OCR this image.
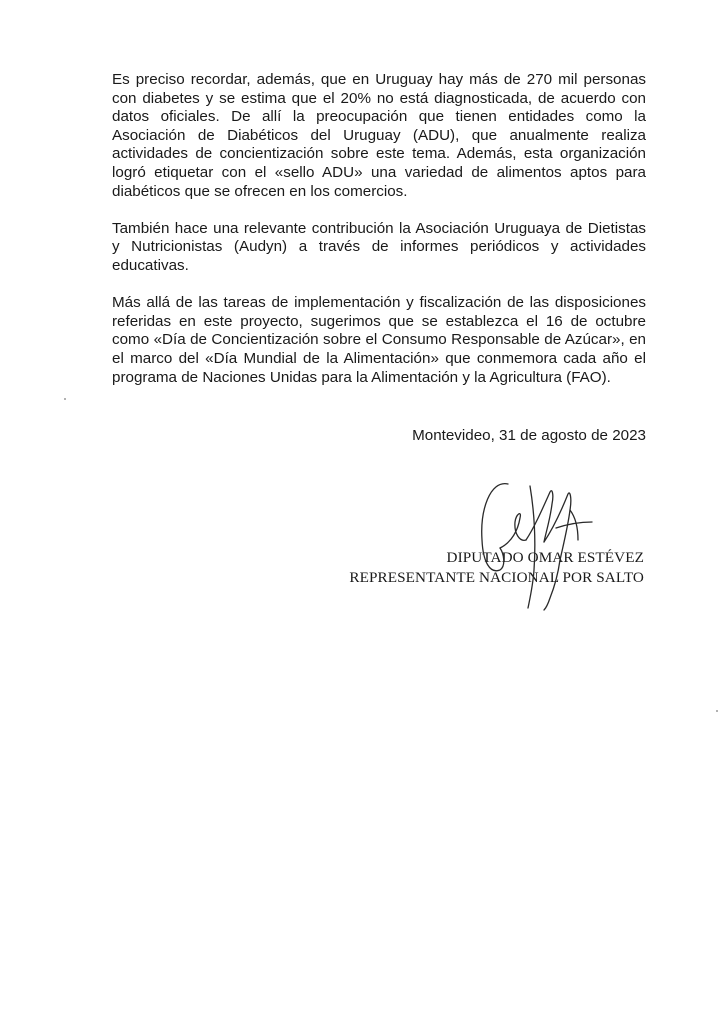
Es preciso recordar, además, que en Uruguay hay más de 270 mil personas con diabetes y se estima que el 20% no está diagnosticada, de acuerdo con datos oficiales. De allí la preocupación que tienen entidades como la Asociación de Diabéticos del Uruguay (ADU), que anualmente realiza actividades de concientización sobre este tema. Además, esta organización logró etiquetar con el «sello ADU» una variedad de alimentos aptos para diabéticos que se ofrecen en los comercios.

También hace una relevante contribución la Asociación Uruguaya de Dietistas y Nutricionistas (Audyn) a través de informes periódicos y actividades educativas.

Más allá de las tareas de implementación y fiscalización de las disposiciones referidas en este proyecto, sugerimos que se establezca el 16 de octubre como «Día de Concientización sobre el Consumo Responsable de Azúcar», en el marco del «Día Mundial de la Alimentación» que conmemora cada año el programa de Naciones Unidas para la Alimentación y la Agricultura (FAO).

Montevideo, 31 de agosto de 2023
DIPUTADO OMAR ESTÉVEZ
REPRESENTANTE NACIONAL POR SALTO
